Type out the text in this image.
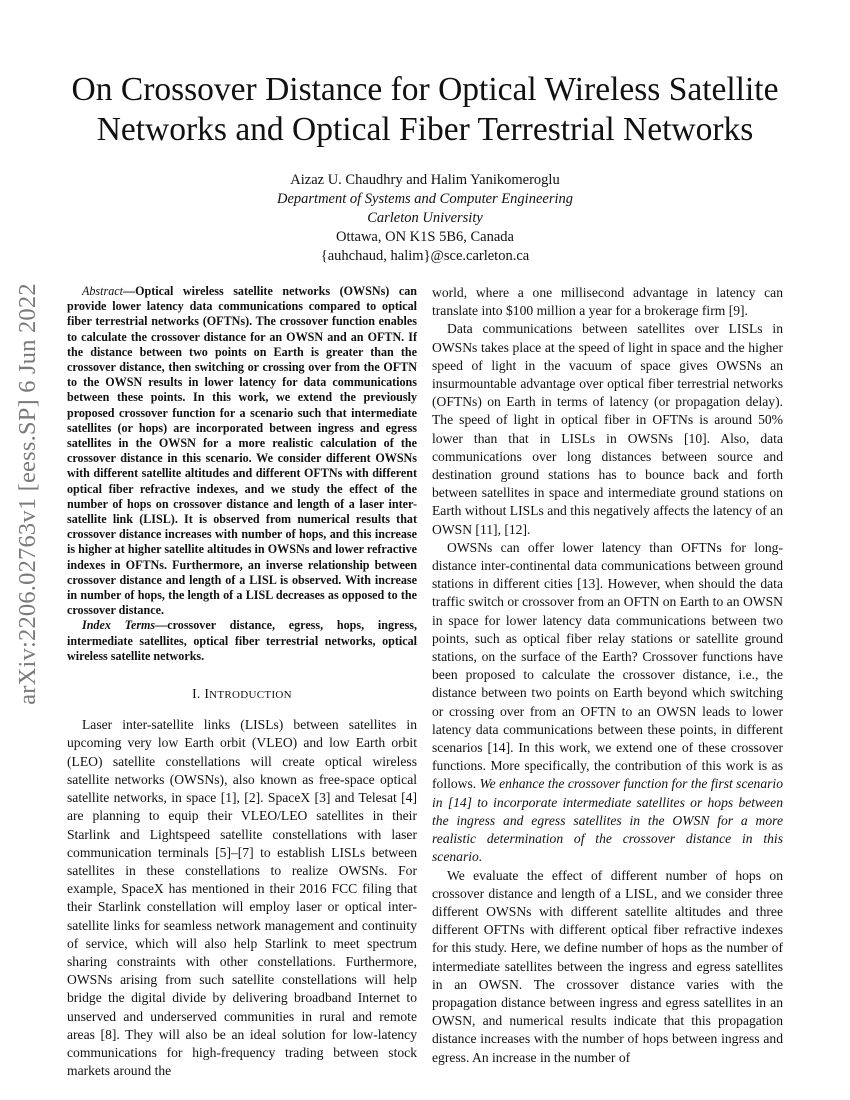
arXiv:2206.02763v1 [eess.SP] 6 Jun 2022
On Crossover Distance for Optical Wireless Satellite
Networks and Optical Fiber Terrestrial Networks
Aizaz U. Chaudhry and Halim Yanikomeroglu
Department of Systems and Computer Engineering
Carleton University
Ottawa, ON K1S 5B6, Canada
{auhchaud, halim}@sce.carleton.ca

Abstract—Optical wireless satellite networks (OWSNs) can provide lower latency data communications compared to optical fiber terrestrial networks (OFTNs). The crossover function enables to calculate the crossover distance for an OWSN and an OFTN. If the distance between two points on Earth is greater than the crossover distance, then switching or crossing over from the OFTN to the OWSN results in lower latency for data communications between these points. In this work, we extend the previously proposed crossover function for a scenario such that intermediate satellites (or hops) are incorporated between ingress and egress satellites in the OWSN for a more realistic calculation of the crossover distance in this scenario. We consider different OWSNs with different satellite altitudes and different OFTNs with different optical fiber refractive indexes, and we study the effect of the number of hops on crossover distance and length of a laser inter-satellite link (LISL). It is observed from numerical results that crossover distance increases with number of hops, and this increase is higher at higher satellite altitudes in OWSNs and lower refractive indexes in OFTNs. Furthermore, an inverse relationship between crossover distance and length of a LISL is observed. With increase in number of hops, the length of a LISL decreases as opposed to the crossover distance.

Index Terms—crossover distance, egress, hops, ingress, intermediate satellites, optical fiber terrestrial networks, optical wireless satellite networks.

I. INTRODUCTION

Laser inter-satellite links (LISLs) between satellites in upcoming very low Earth orbit (VLEO) and low Earth orbit (LEO) satellite constellations will create optical wireless satellite networks (OWSNs), also known as free-space optical satellite networks, in space [1], [2]. SpaceX [3] and Telesat [4] are planning to equip their VLEO/LEO satellites in their Starlink and Lightspeed satellite constellations with laser communication terminals [5]–[7] to establish LISLs between satellites in these constellations to realize OWSNs. For example, SpaceX has mentioned in their 2016 FCC filing that their Starlink constellation will employ laser or optical inter-satellite links for seamless network management and continuity of service, which will also help Starlink to meet spectrum sharing constraints with other constellations. Furthermore, OWSNs arising from such satellite constellations will help bridge the digital divide by delivering broadband Internet to unserved and underserved communities in rural and remote areas [8]. They will also be an ideal solution for low-latency communications for high-frequency trading between stock markets around the

world, where a one millisecond advantage in latency can translate into $100 million a year for a brokerage firm [9].

Data communications between satellites over LISLs in OWSNs takes place at the speed of light in space and the higher speed of light in the vacuum of space gives OWSNs an insurmountable advantage over optical fiber terrestrial networks (OFTNs) on Earth in terms of latency (or propagation delay). The speed of light in optical fiber in OFTNs is around 50% lower than that in LISLs in OWSNs [10]. Also, data communications over long distances between source and destination ground stations has to bounce back and forth between satellites in space and intermediate ground stations on Earth without LISLs and this negatively affects the latency of an OWSN [11], [12].

OWSNs can offer lower latency than OFTNs for long-distance inter-continental data communications between ground stations in different cities [13]. However, when should the data traffic switch or crossover from an OFTN on Earth to an OWSN in space for lower latency data communications between two points, such as optical fiber relay stations or satellite ground stations, on the surface of the Earth? Crossover functions have been proposed to calculate the crossover distance, i.e., the distance between two points on Earth beyond which switching or crossing over from an OFTN to an OWSN leads to lower latency data communications between these points, in different scenarios [14]. In this work, we extend one of these crossover functions. More specifically, the contribution of this work is as follows. We enhance the crossover function for the first scenario in [14] to incorporate intermediate satellites or hops between the ingress and egress satellites in the OWSN for a more realistic determination of the crossover distance in this scenario.

We evaluate the effect of different number of hops on crossover distance and length of a LISL, and we consider three different OWSNs with different satellite altitudes and three different OFTNs with different optical fiber refractive indexes for this study. Here, we define number of hops as the number of intermediate satellites between the ingress and egress satellites in an OWSN. The crossover distance varies with the propagation distance between ingress and egress satellites in an OWSN, and numerical results indicate that this propagation distance increases with the number of hops between ingress and egress. An increase in the number of
